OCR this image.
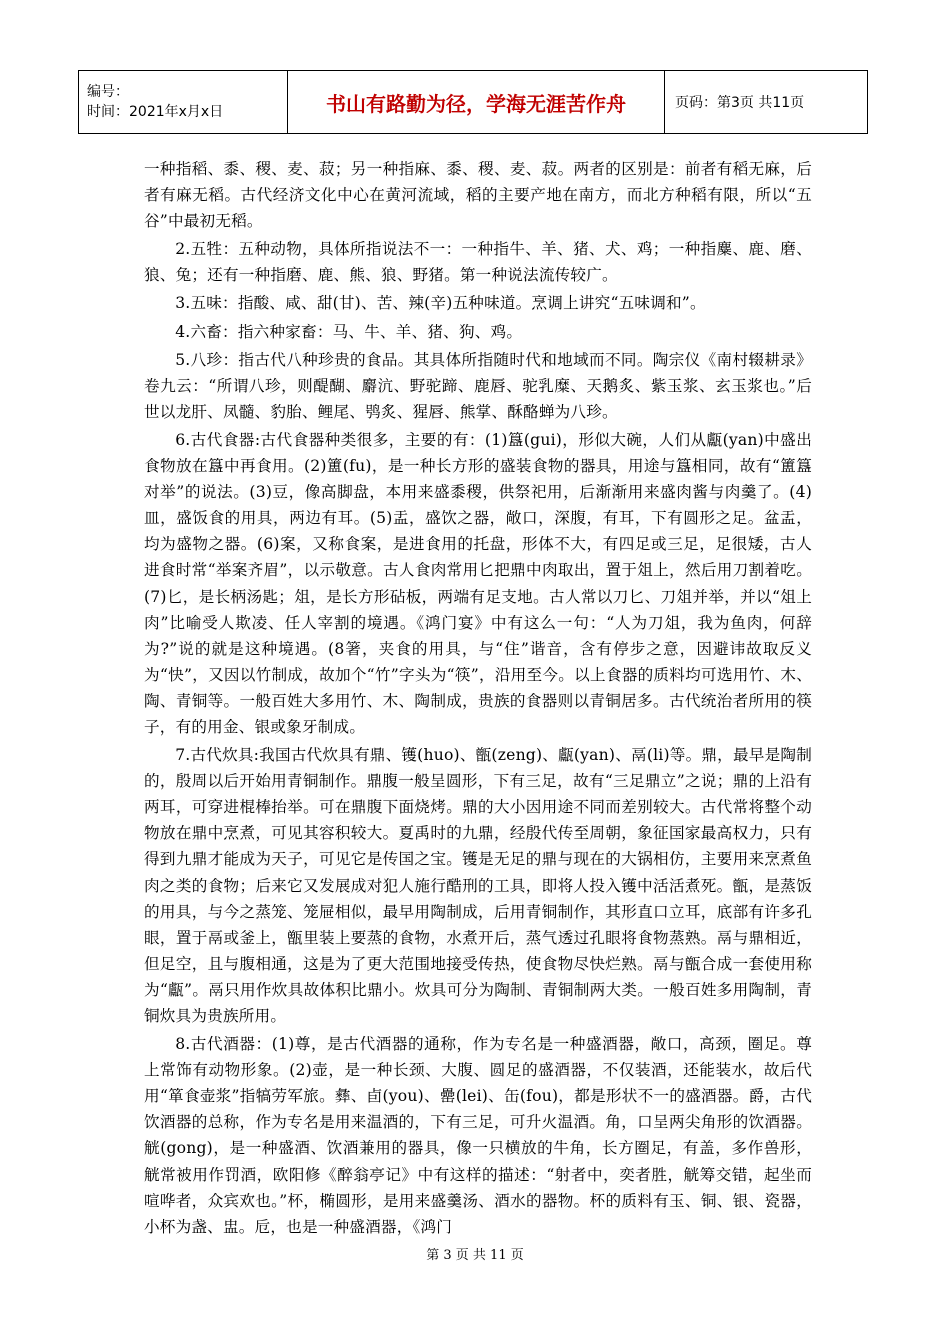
编号：
时间：2021年x月x日	书山有路勤为径，学海无涯苦作舟	页码：第3页 共11页

一种指稻、黍、稷、麦、菽；另一种指麻、黍、稷、麦、菽。两者的区别是：前者有稻无麻，后者有麻无稻。古代经济文化中心在黄河流域，稻的主要产地在南方，而北方种稻有限，所以“五谷”中最初无稻。

2.五牲：五种动物，具体所指说法不一：一种指牛、羊、猪、犬、鸡；一种指麋、鹿、磨、狼、兔；还有一种指磨、鹿、熊、狼、野猪。第一种说法流传较广。

3.五味：指酸、咸、甜(甘)、苦、辣(辛)五种味道。烹调上讲究“五味调和”。

4.六畜：指六种家畜：马、牛、羊、猪、狗、鸡。

5.八珍：指古代八种珍贵的食品。其具体所指随时代和地域而不同。陶宗仪《南村辍耕录》卷九云：“所谓八珍，则醍醐、麝沆、野驼蹄、鹿唇、驼乳糜、天鹅炙、紫玉浆、玄玉浆也。”后世以龙肝、凤髓、豹胎、鲤尾、鸮炙、猩唇、熊掌、酥酪蝉为八珍。

6.古代食器:古代食器种类很多，主要的有：(1)簋(gui)，形似大碗，人们从甗(yan)中盛出食物放在簋中再食用。(2)簠(fu)，是一种长方形的盛装食物的器具，用途与簋相同，故有“簠簋对举”的说法。(3)豆，像高脚盘，本用来盛黍稷，供祭祀用，后渐渐用来盛肉酱与肉羹了。(4)皿，盛饭食的用具，两边有耳。(5)盂，盛饮之器，敞口，深腹，有耳，下有圆形之足。盆盂，均为盛物之器。(6)案，又称食案，是进食用的托盘，形体不大，有四足或三足，足很矮，古人进食时常“举案齐眉”，以示敬意。古人食肉常用匕把鼎中肉取出，置于俎上，然后用刀割着吃。(7)匕，是长柄汤匙；俎，是长方形砧板，两端有足支地。古人常以刀匕、刀俎并举，并以“俎上肉”比喻受人欺凌、任人宰割的境遇。《鸿门宴》中有这么一句：“人为刀俎，我为鱼肉，何辞为?”说的就是这种境遇。(8箸，夹食的用具，与“住”谐音，含有停步之意，因避讳故取反义为“快”，又因以竹制成，故加个“竹”字头为“筷”，沿用至今。以上食器的质料均可选用竹、木、陶、青铜等。一般百姓大多用竹、木、陶制成，贵族的食器则以青铜居多。古代统治者所用的筷子，有的用金、银或象牙制成。

7.古代炊具:我国古代炊具有鼎、镬(huo)、甑(zeng)、甗(yan)、鬲(li)等。鼎，最早是陶制的，殷周以后开始用青铜制作。鼎腹一般呈圆形，下有三足，故有“三足鼎立”之说；鼎的上沿有两耳，可穿进棍棒抬举。可在鼎腹下面烧烤。鼎的大小因用途不同而差别较大。古代常将整个动物放在鼎中烹煮，可见其容积较大。夏禹时的九鼎，经殷代传至周朝，象征国家最高权力，只有得到九鼎才能成为天子，可见它是传国之宝。镬是无足的鼎与现在的大锅相仿，主要用来烹煮鱼肉之类的食物；后来它又发展成对犯人施行酷刑的工具，即将人投入镬中活活煮死。甑，是蒸饭的用具，与今之蒸笼、笼屉相似，最早用陶制成，后用青铜制作，其形直口立耳，底部有许多孔眼，置于鬲或釜上，甑里装上要蒸的食物，水煮开后，蒸气透过孔眼将食物蒸熟。鬲与鼎相近，但足空，且与腹相通，这是为了更大范围地接受传热，使食物尽快烂熟。鬲与甑合成一套使用称为“甗”。鬲只用作炊具故体积比鼎小。炊具可分为陶制、青铜制两大类。一般百姓多用陶制，青铜炊具为贵族所用。

8.古代酒器：(1)尊，是古代酒器的通称，作为专名是一种盛酒器，敞口，高颈，圈足。尊上常饰有动物形象。(2)壶，是一种长颈、大腹、圆足的盛酒器，不仅装酒，还能装水，故后代用“箪食壶浆”指犒劳军旅。彝、卣(you)、罍(lei)、缶(fou)，都是形状不一的盛酒器。爵，古代饮酒器的总称，作为专名是用来温酒的，下有三足，可升火温酒。角，口呈两尖角形的饮酒器。觥(gong)，是一种盛酒、饮酒兼用的器具，像一只横放的牛角，长方圈足，有盖，多作兽形，觥常被用作罚酒，欧阳修《醉翁亭记》中有这样的描述：“射者中，奕者胜，觥筹交错，起坐而喧哗者，众宾欢也。”杯，椭圆形，是用来盛羹汤、酒水的器物。杯的质料有玉、铜、银、瓷器，小杯为盏、盅。卮，也是一种盛酒器，《鸿门

第 3 页 共 11 页
